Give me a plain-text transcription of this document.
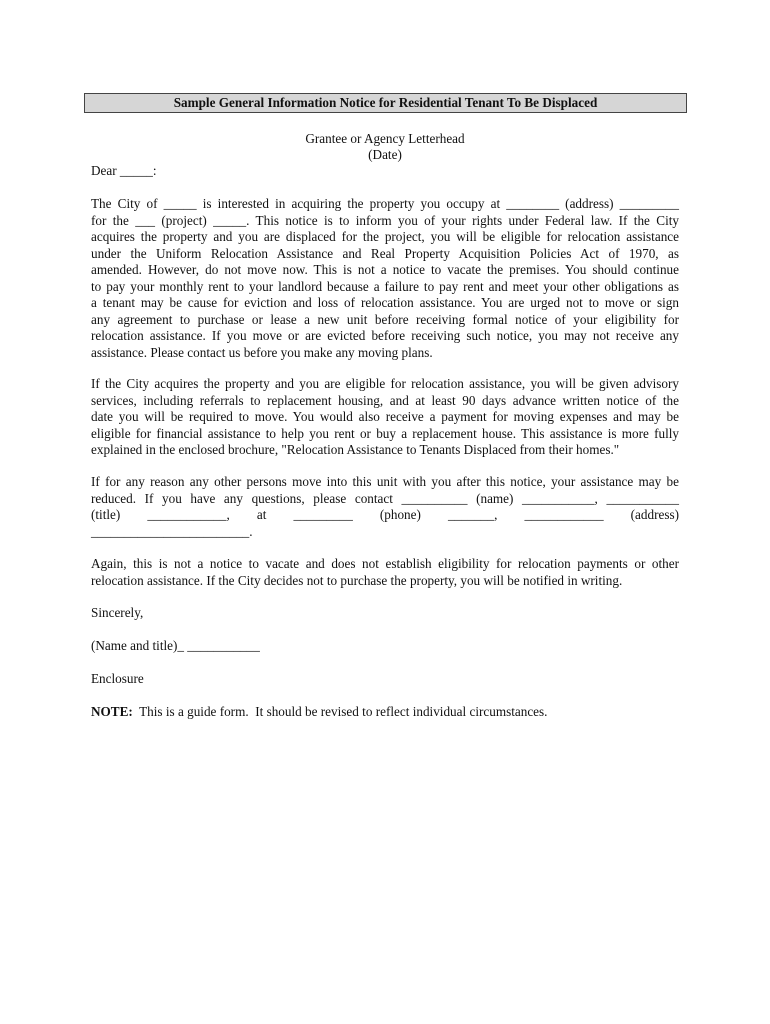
Sample General Information Notice for Residential Tenant To Be Displaced
Grantee or Agency Letterhead
(Date)
Dear _____:
The City of _____ is interested in acquiring the property you occupy at ________ (address) _________
for the ___ (project) _____. This notice is to inform you of your rights under Federal law. If the City
acquires the property and you are displaced for the project, you will be eligible for relocation assistance
under the Uniform Relocation Assistance and Real Property Acquisition Policies Act of 1970, as
amended. However, do not move now. This is not a notice to vacate the premises. You should continue
to pay your monthly rent to your landlord because a failure to pay rent and meet your other obligations as
a tenant may be cause for eviction and loss of relocation assistance. You are urged not to move or sign
any agreement to purchase or lease a new unit before receiving formal notice of your eligibility for
relocation assistance. If you move or are evicted before receiving such notice, you may not receive any
assistance. Please contact us before you make any moving plans.
If the City acquires the property and you are eligible for relocation assistance, you will be given advisory
services, including referrals to replacement housing, and at least 90 days advance written notice of the
date you will be required to move. You would also receive a payment for moving expenses and may be
eligible for financial assistance to help you rent or buy a replacement house. This assistance is more fully
explained in the enclosed brochure, "Relocation Assistance to Tenants Displaced from their homes."
If for any reason any other persons move into this unit with you after this notice, your assistance may be
reduced. If you have any questions, please contact __________ (name) ___________, ___________
(title) ____________, at _________ (phone) _______, ____________ (address)
________________________.
Again, this is not a notice to vacate and does not establish eligibility for relocation payments or other
relocation assistance. If the City decides not to purchase the property, you will be notified in writing.
Sincerely,
(Name and title)_ ___________
Enclosure
NOTE:  This is a guide form.  It should be revised to reflect individual circumstances.
